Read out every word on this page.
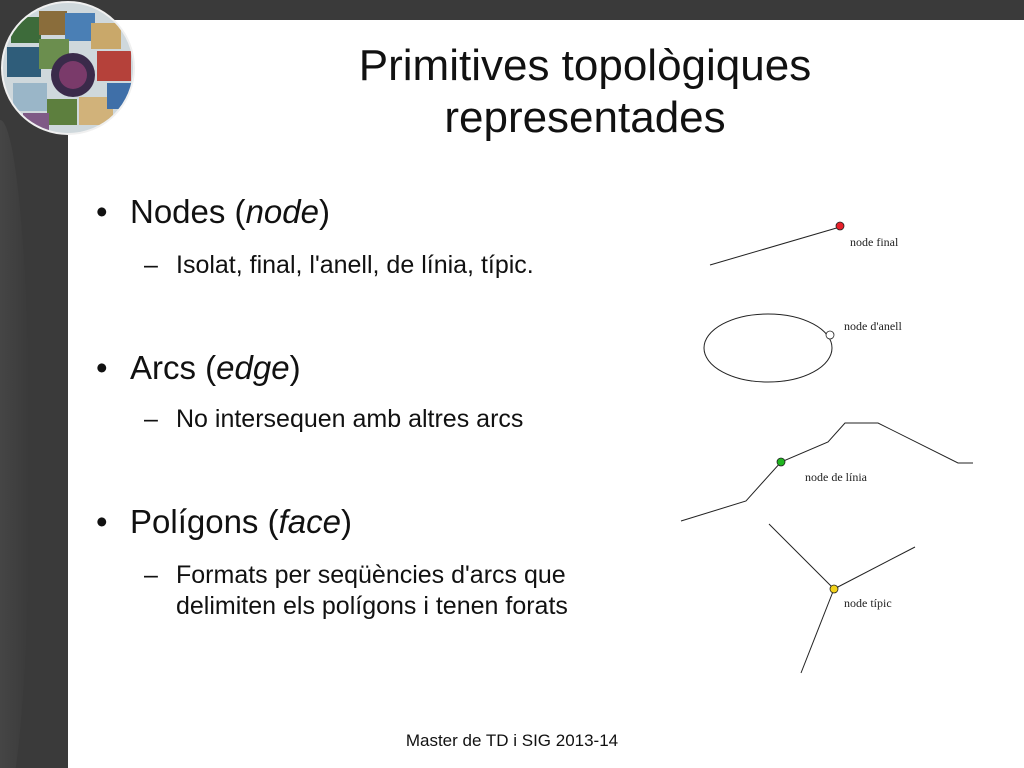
Primitives topològiques
representades
• Nodes (node)
– Isolat, final, l'anell, de línia, típic.
• Arcs (edge)
– No intersequen amb altres arcs
• Polígons (face)
– Formats per seqüències d'arcs que
delimiten els polígons i tenen forats
node final
node d'anell
node de línia
node típic
Master de TD i SIG 2013-14
